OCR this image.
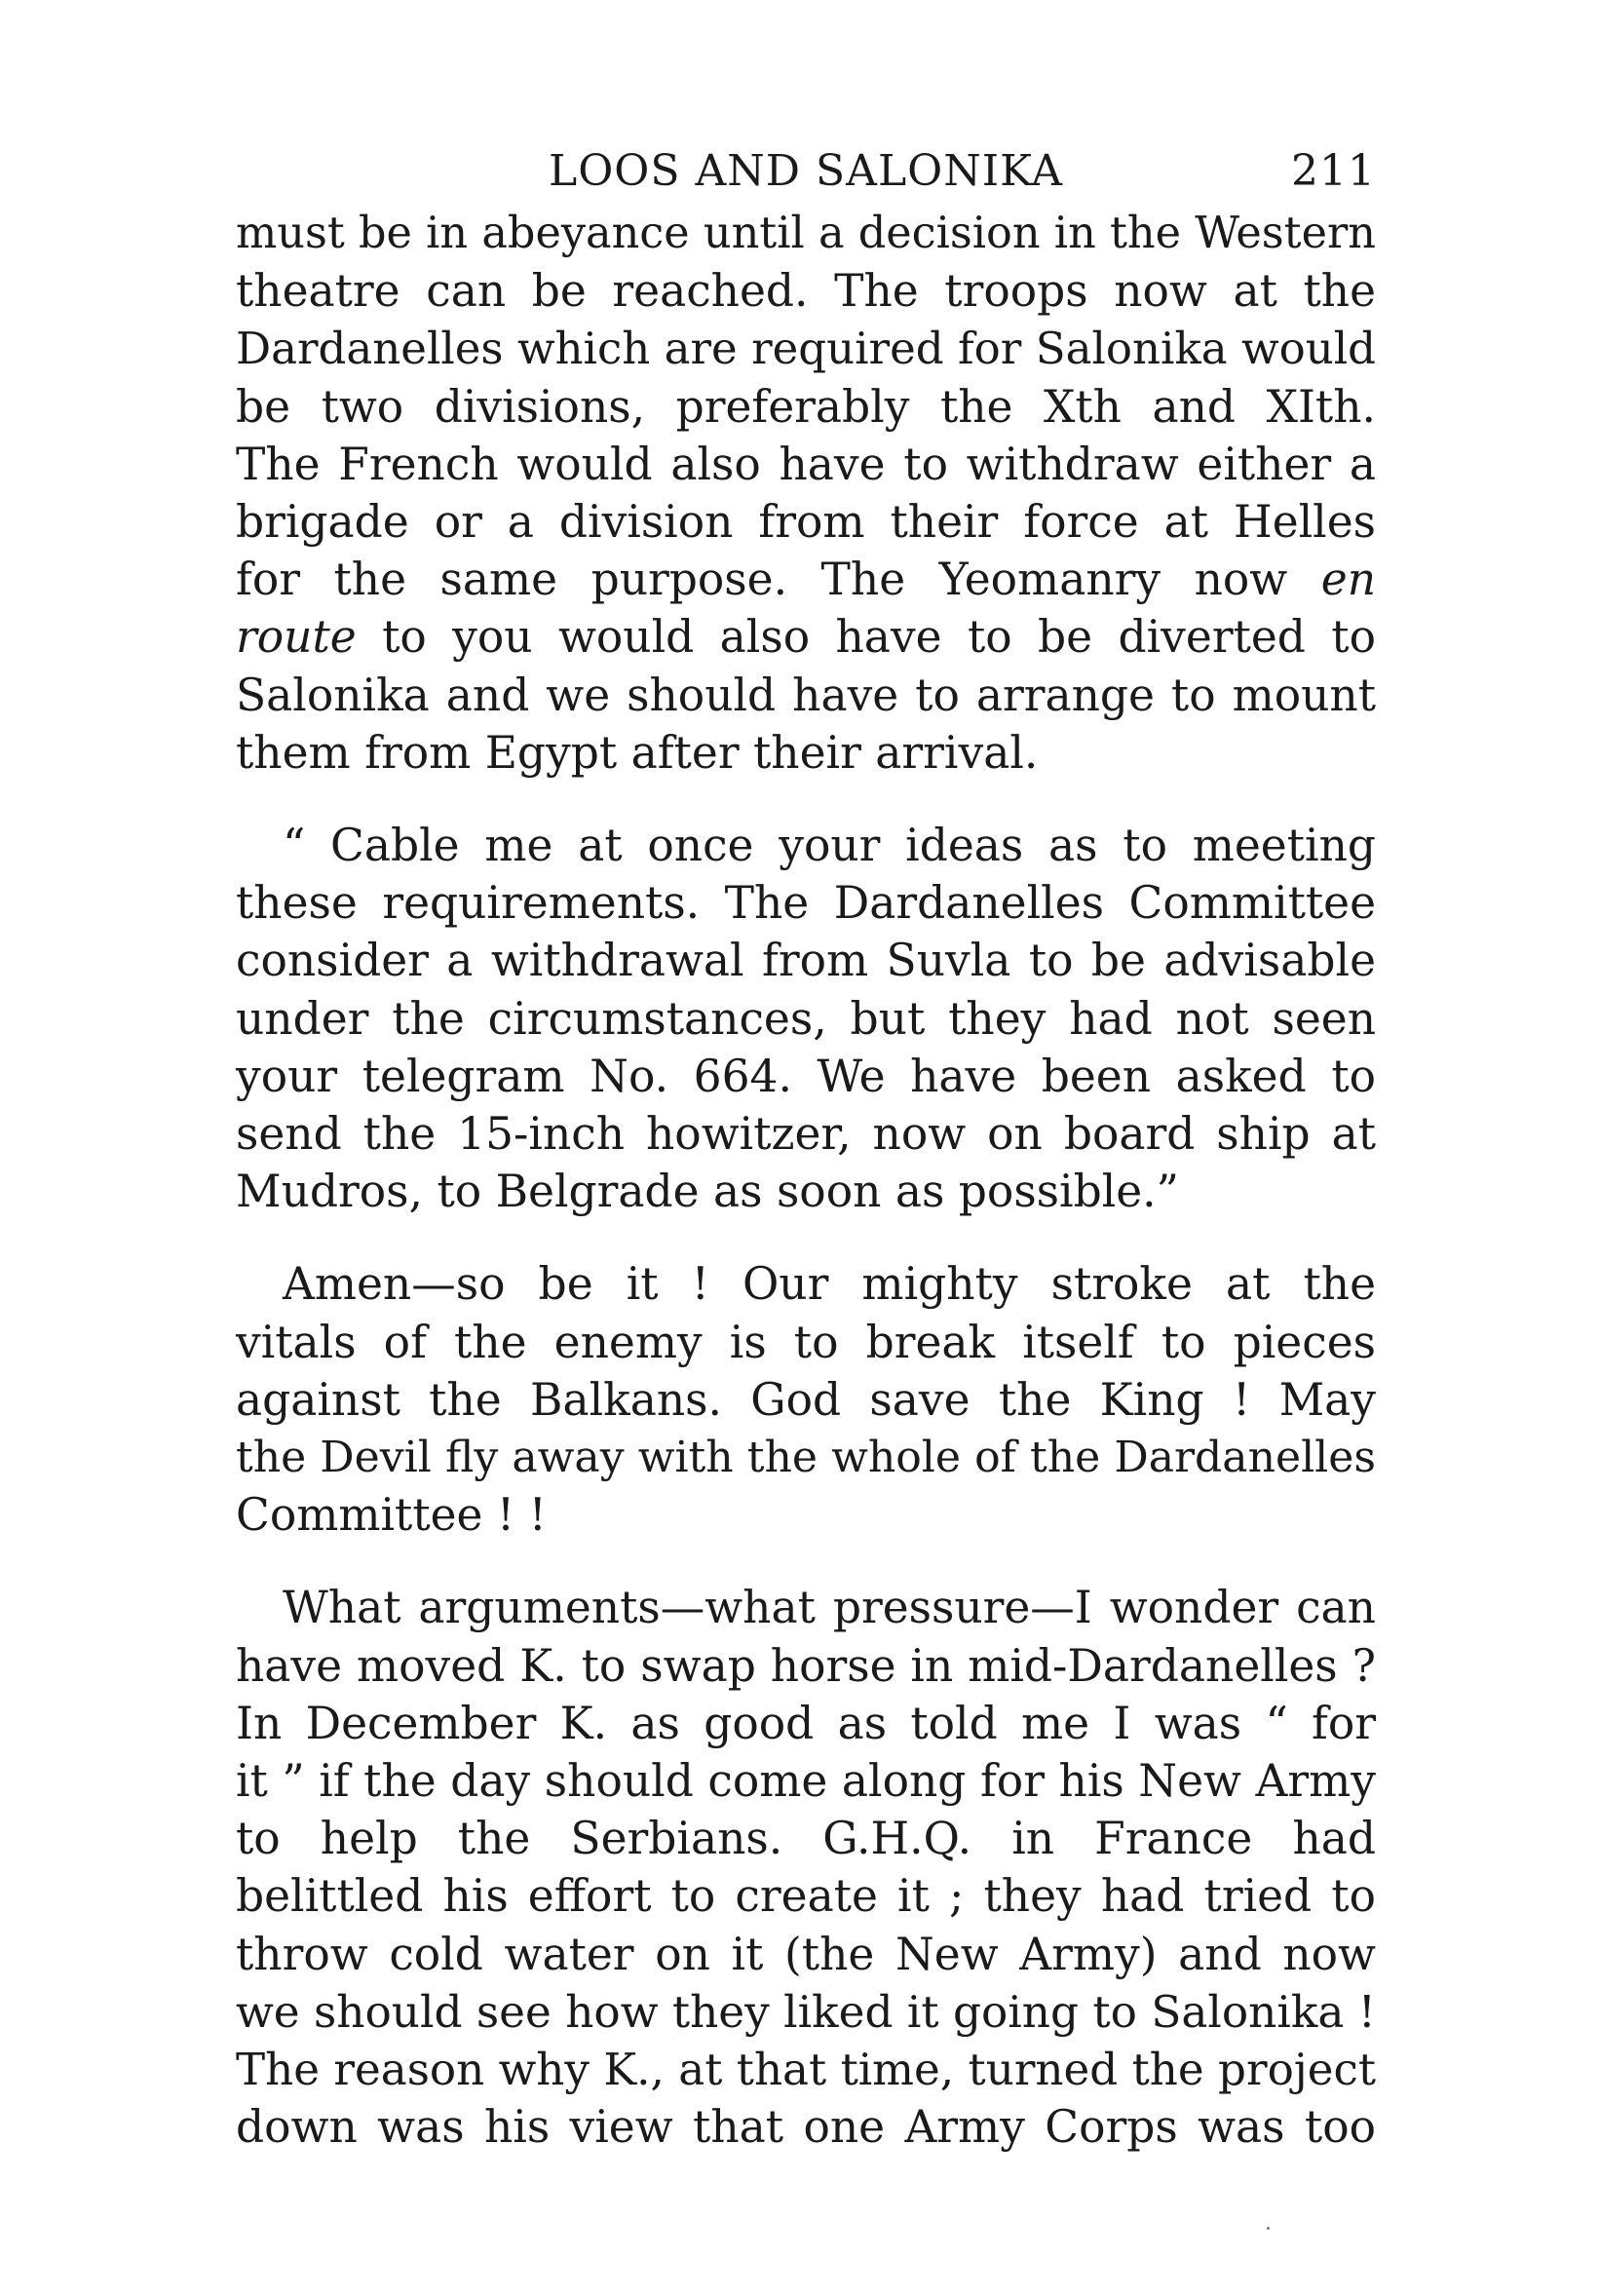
LOOS AND SALONIKA	211

must be in abeyance until a decision in the Western
theatre can be reached. The troops now at the
Dardanelles which are required for Salonika would
be two divisions, preferably the Xth and XIth.
The French would also have to withdraw either a
brigade or a division from their force at Helles
for the same purpose. The Yeomanry now en
route to you would also have to be diverted to
Salonika and we should have to arrange to mount
them from Egypt after their arrival.

“ Cable me at once your ideas as to meeting
these requirements. The Dardanelles Committee
consider a withdrawal from Suvla to be advisable
under the circumstances, but they had not seen
your telegram No. 664. We have been asked to
send the 15-inch howitzer, now on board ship at
Mudros, to Belgrade as soon as possible.”

Amen—so be it ! Our mighty stroke at the
vitals of the enemy is to break itself to pieces
against the Balkans. God save the King ! May
the Devil fly away with the whole of the Dardanelles
Committee ! !

What arguments—what pressure—I wonder can
have moved K. to swap horse in mid-Dardanelles ?
In December K. as good as told me I was “ for
it ” if the day should come along for his New Army
to help the Serbians. G.H.Q. in France had
belittled his effort to create it ; they had tried to
throw cold water on it (the New Army) and now
we should see how they liked it going to Salonika !
The reason why K., at that time, turned the project
down was his view that one Army Corps was too
